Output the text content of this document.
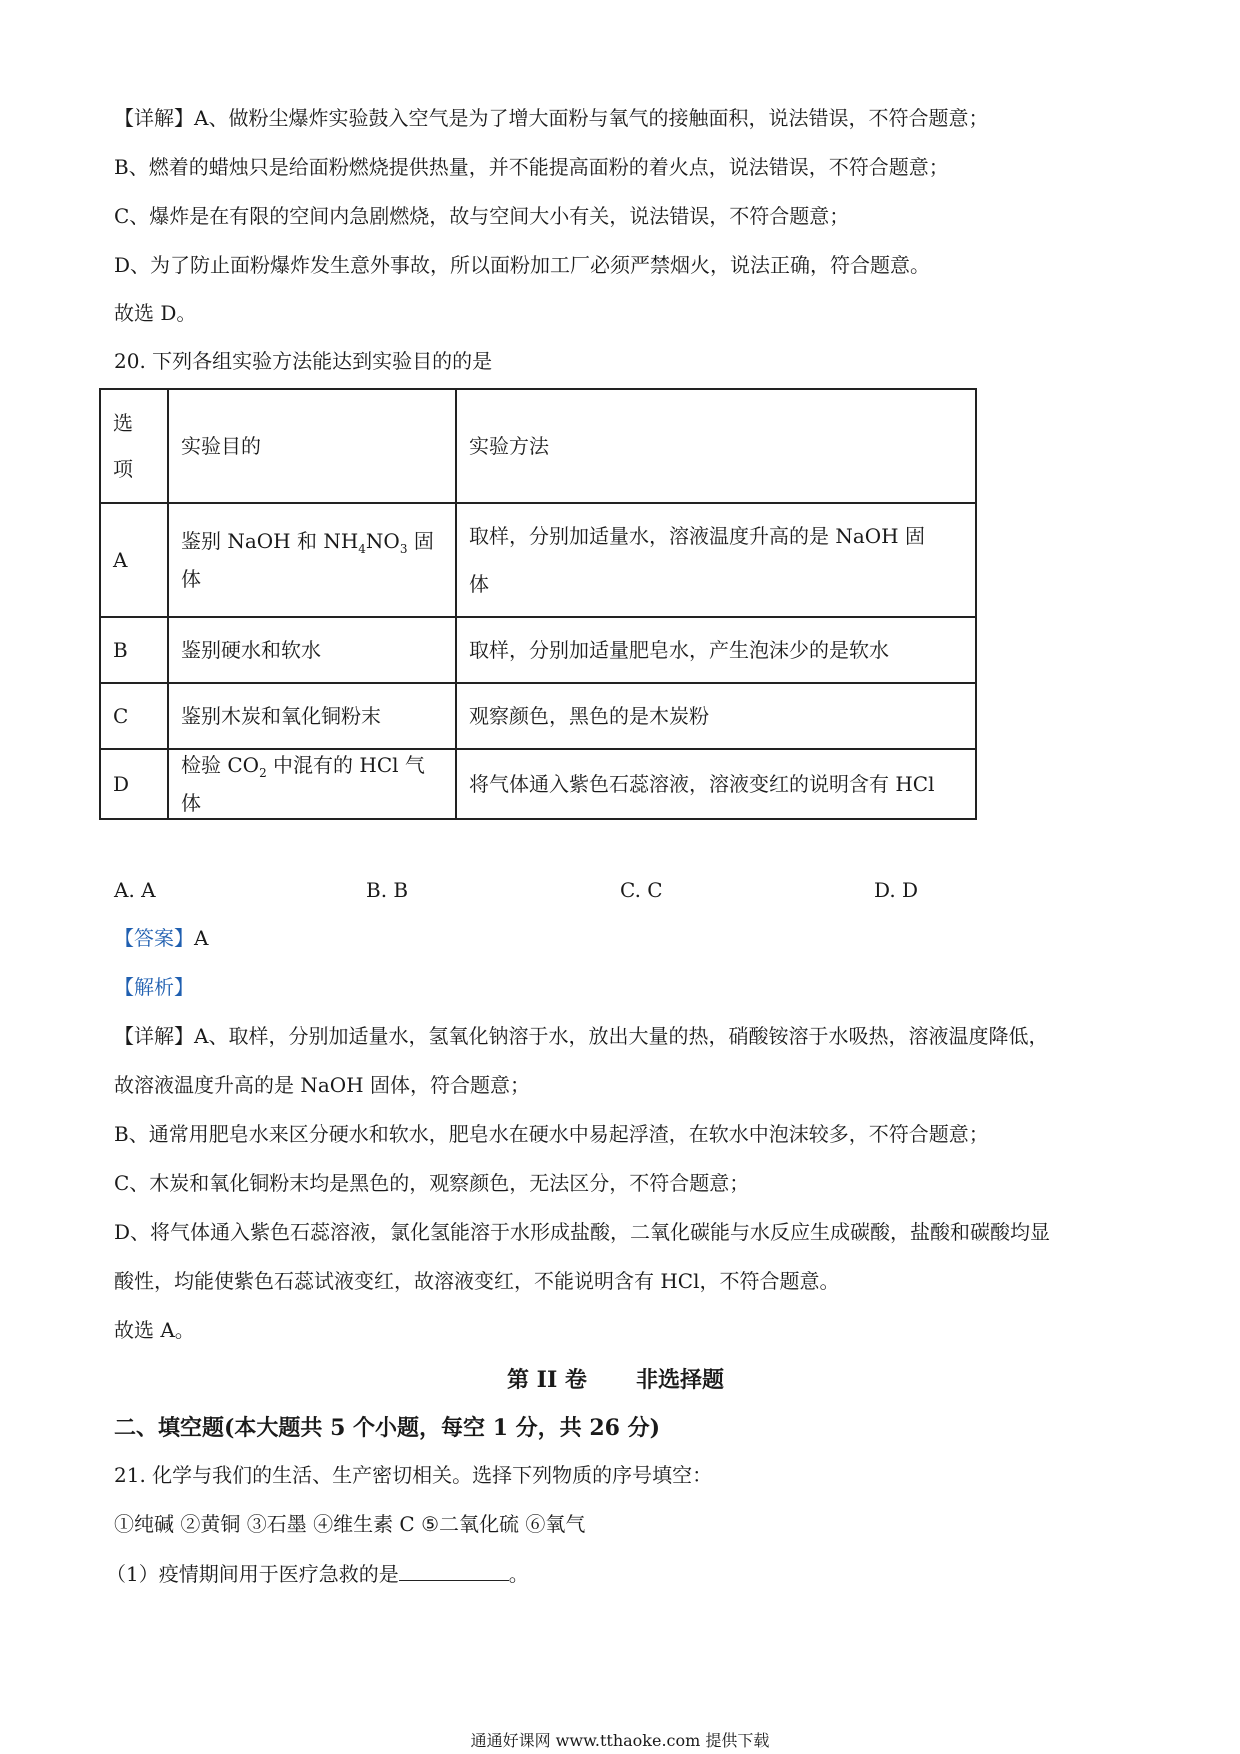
【详解】A、做粉尘爆炸实验鼓入空气是为了增大面粉与氧气的接触面积，说法错误，不符合题意；
B、燃着的蜡烛只是给面粉燃烧提供热量，并不能提高面粉的着火点，说法错误，不符合题意；
C、爆炸是在有限的空间内急剧燃烧，故与空间大小有关，说法错误，不符合题意；
D、为了防止面粉爆炸发生意外事故，所以面粉加工厂必须严禁烟火，说法正确，符合题意。
故选 D。
20. 下列各组实验方法能达到实验目的的是
选
项	实验目的	实验方法
A	鉴别 NaOH 和 $NH_4NO_3$ 固体	取样，分别加适量水，溶液温度升高的是 NaOH 固
体

B	鉴别硬水和软水	取样，分别加适量肥皂水，产生泡沫少的是软水
C	鉴别木炭和氧化铜粉末	观察颜色，黑色的是木炭粉
D	检验 $CO_2$ 中混有的 HCl 气体	将气体通入紫色石蕊溶液，溶液变红的说明含有 HCl
A. A	B. B	C. C	D. D
【答案】A
【解析】
【详解】A、取样，分别加适量水，氢氧化钠溶于水，放出大量的热，硝酸铵溶于水吸热，溶液温度降低，
故溶液温度升高的是 NaOH 固体，符合题意；
B、通常用肥皂水来区分硬水和软水，肥皂水在硬水中易起浮渣，在软水中泡沫较多，不符合题意；
C、木炭和氧化铜粉末均是黑色的，观察颜色，无法区分，不符合题意；
D、将气体通入紫色石蕊溶液，氯化氢能溶于水形成盐酸，二氧化碳能与水反应生成碳酸，盐酸和碳酸均显
酸性，均能使紫色石蕊试液变红，故溶液变红，不能说明含有 HCl，不符合题意。
故选 A。
第 II 卷 非选择题
二、填空题(本大题共 5 个小题，每空 1 分，共 26 分)
21. 化学与我们的生活、生产密切相关。选择下列物质的序号填空：
①纯碱 ②黄铜 ③石墨 ④维生素 C ⑤二氧化硫 ⑥氧气
（1）疫情期间用于医疗急救的是	。
通通好课网 www.tthaoke.com 提供下载
